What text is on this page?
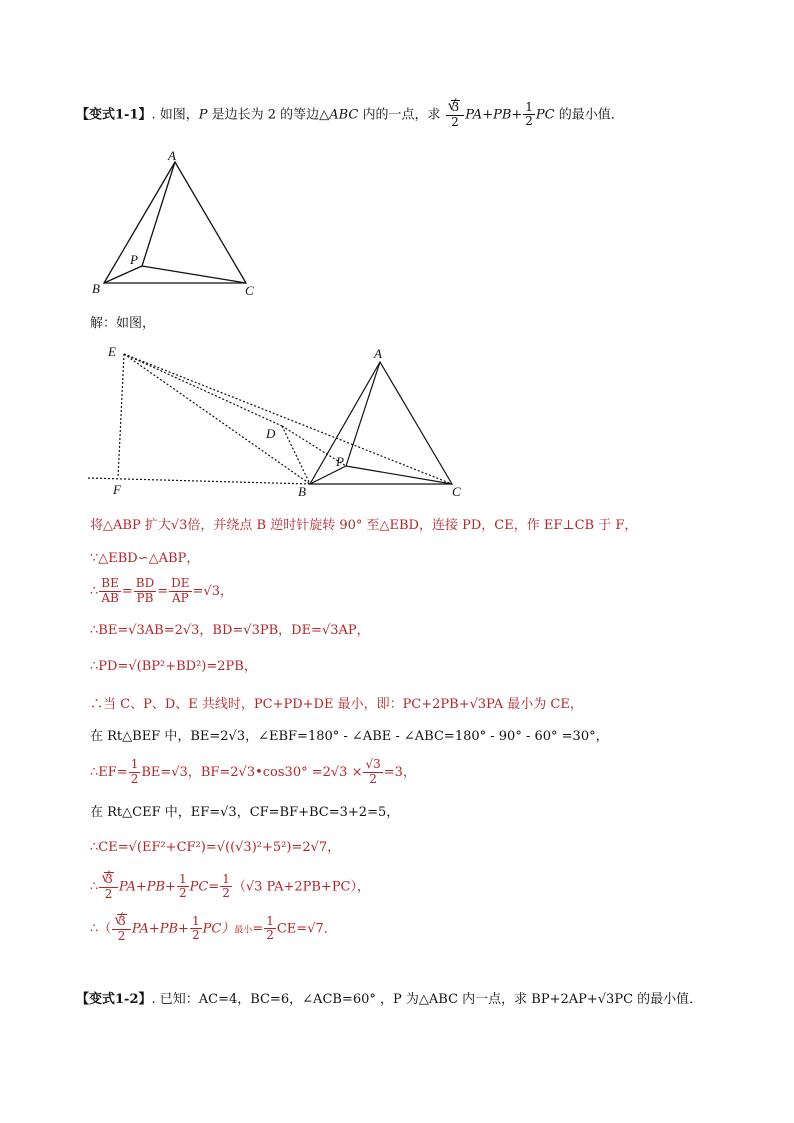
【变式1-1】. 如图，P 是边长为 2 的等边△ABC 内的一点，求 √ $\frac{3}{2} PA+PB+ \frac{1}{2}$ PC 的最小值．
A
B	C
P
解：如图，
E
F
D
P
A
B	C
将△ABP 扩大√3倍，并绕点 B 逆时针旋转 90° 至△EBD，连接 PD，CE，作 EF⊥CB 于 F，
∵△EBD∽△ABP，
∴ $\frac{BE}{AB} = \frac{BD}{PB} = \frac{DE}{AP} =√3$，
∴BE=√3AB=2√3，BD=√3PB，DE=√3AP，
∴PD=√(BP²+BD²)=2PB，
∴当 C、P、D、E 共线时，PC+PD+DE 最小，即：PC+2PB+√3PA 最小为 CE，
在 Rt△BEF 中，BE=2√3，∠EBF=180° - ∠ABE - ∠ABC=180° - 90° - 60° =30°，
∴EF= $\frac{1}{2} BE=√3$，BF=2√3•cos30° $=2√3 \times \frac{√3}{2} =3$，
在 Rt△CEF 中，EF=√3，CF=BF+BC=3+2=5，
∴CE=√(EF²+CF²)=√((√3)²+5²)=2√7，
∴ √ $\frac{3}{2} PA+PB+ \frac{1}{2} PC= \frac{1}{2} (√3$ PA+2PB+PC），
∴（ √ $\frac{3}{2} PA+PB+ \frac{1}{2} PC$）最小= $\frac{1}{2} CE=√7$．
【变式1-2】. 已知：AC=4，BC=6，∠ACB=60° ，P 为△ABC 内一点，求 BP+2AP+√3PC 的最小值．
